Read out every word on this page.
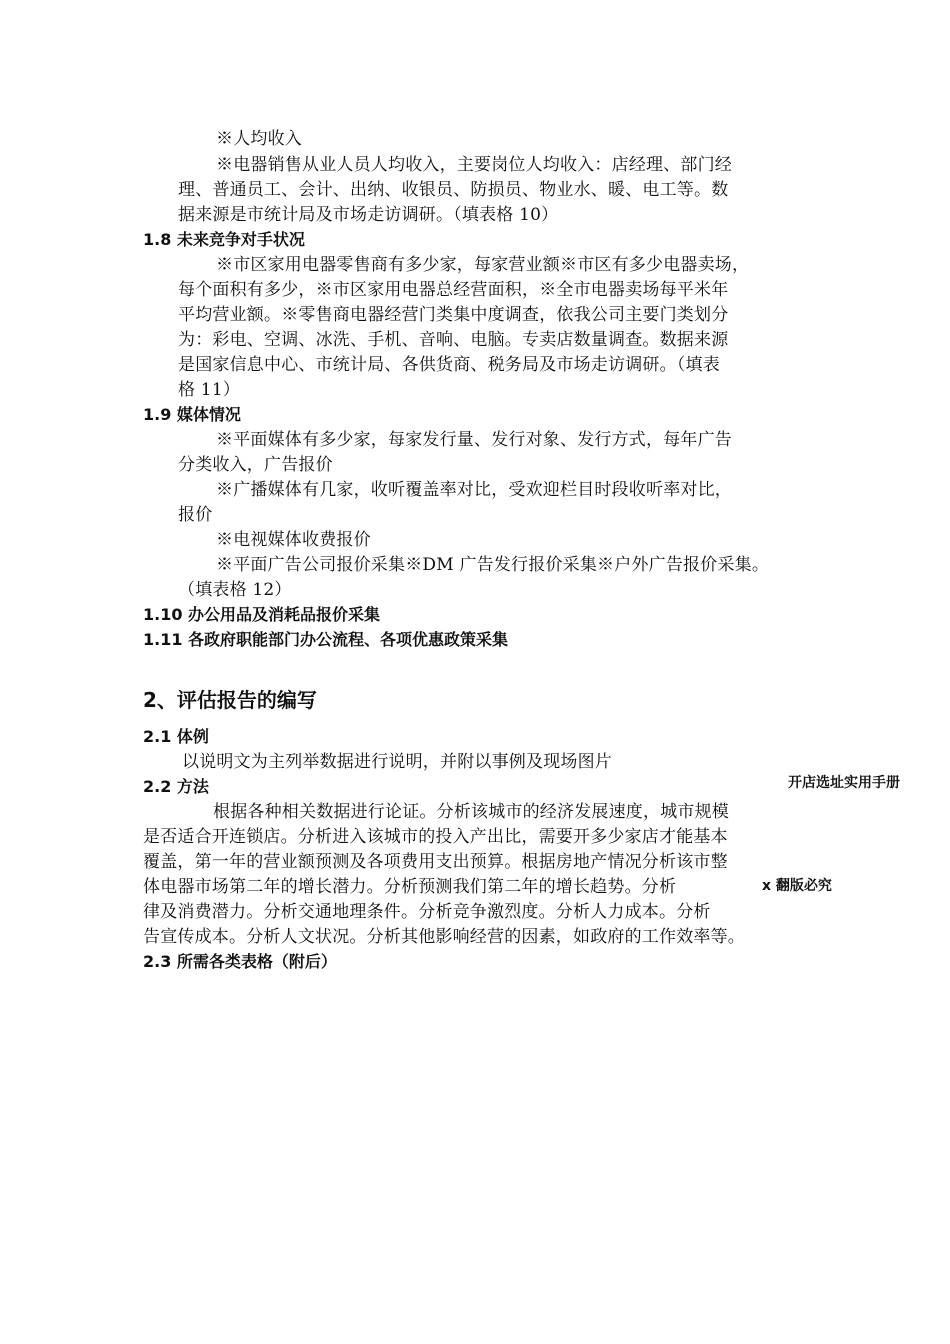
※人均收入
※电器销售从业人员人均收入，主要岗位人均收入：店经理、部门经
理、普通员工、会计、出纳、收银员、防损员、物业水、暖、电工等。数
据来源是市统计局及市场走访调研。（填表格 10）
1.8 未来竞争对手状况
※市区家用电器零售商有多少家，每家营业额※市区有多少电器卖场，
每个面积有多少，※市区家用电器总经营面积，※全市电器卖场每平米年
平均营业额。※零售商电器经营门类集中度调查，依我公司主要门类划分
为：彩电、空调、冰洗、手机、音响、电脑。专卖店数量调查。数据来源
是国家信息中心、市统计局、各供货商、税务局及市场走访调研。（填表
格 11）
1.9 媒体情况
※平面媒体有多少家，每家发行量、发行对象、发行方式，每年广告
分类收入，广告报价
※广播媒体有几家，收听覆盖率对比，受欢迎栏目时段收听率对比，
报价
※电视媒体收费报价
※平面广告公司报价采集※DM 广告发行报价采集※户外广告报价采集。
（填表格 12）
1.10 办公用品及消耗品报价采集
1.11 各政府职能部门办公流程、各项优惠政策采集
2、评估报告的编写
2.1 体例
以说明文为主列举数据进行说明，并附以事例及现场图片
2.2 方法
根据各种相关数据进行论证。分析该城市的经济发展速度，城市规模
是否适合开连锁店。分析进入该城市的投入产出比，需要开多少家店才能基本
覆盖，第一年的营业额预测及各项费用支出预算。根据房地产情况分析该市整
体电器市场第二年的增长潜力。分析预测我们第二年的增长趋势。分析
律及消费潜力。分析交通地理条件。分析竞争激烈度。分析人力成本。分析
告宣传成本。分析人文状况。分析其他影响经营的因素，如政府的工作效率等。
2.3 所需各类表格（附后）
开店选址实用手册
x 翻版必究
